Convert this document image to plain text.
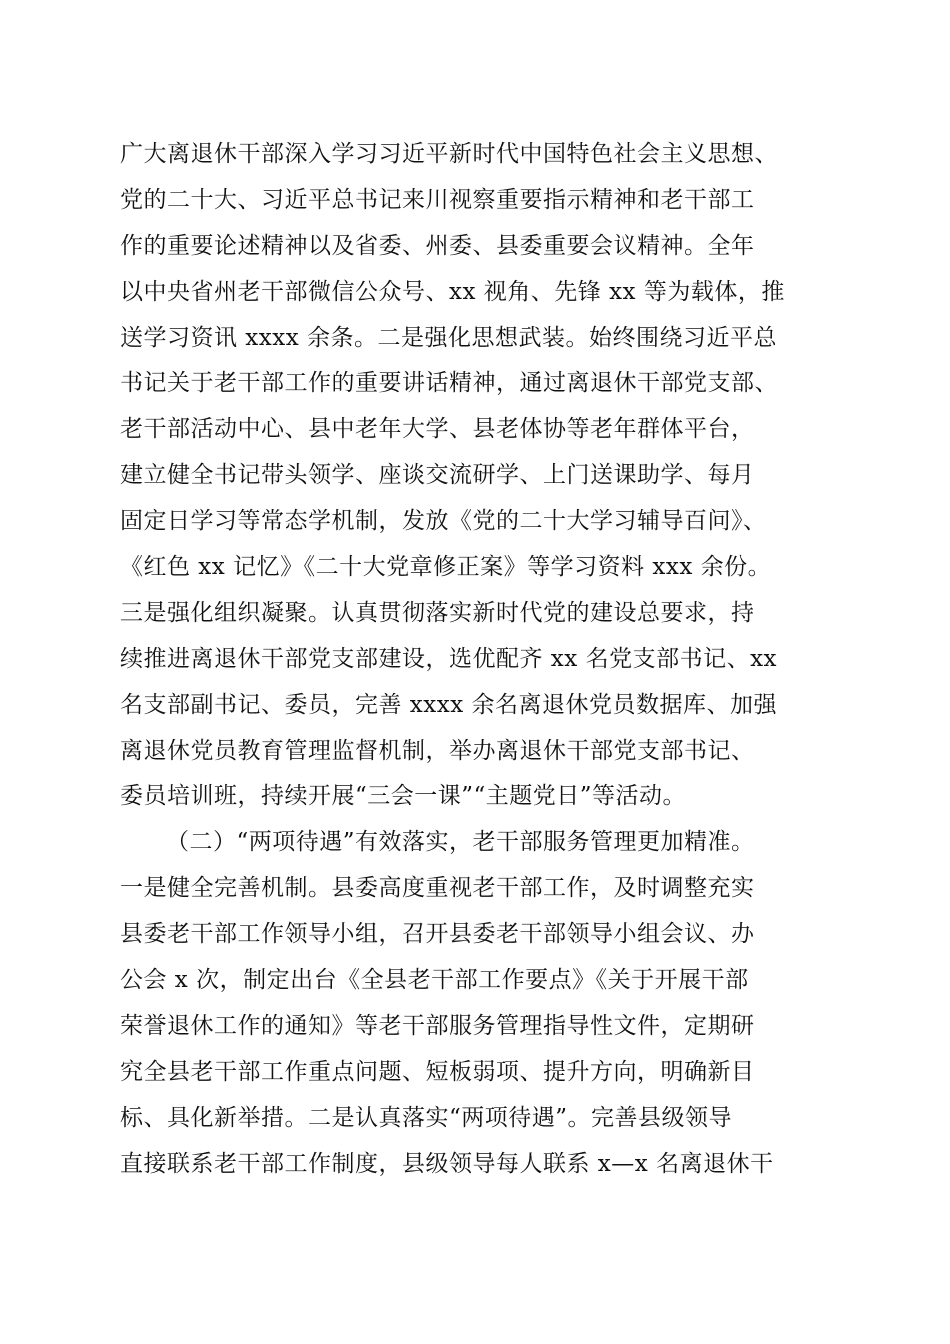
广大离退休干部深入学习习近平新时代中国特色社会主义思想、
党的二十大、习近平总书记来川视察重要指示精神和老干部工
作的重要论述精神以及省委、州委、县委重要会议精神。全年
以中央省州老干部微信公众号、xx 视角、先锋 xx 等为载体，推
送学习资讯 xxxx 余条。二是强化思想武装。始终围绕习近平总
书记关于老干部工作的重要讲话精神，通过离退休干部党支部、
老干部活动中心、县中老年大学、县老体协等老年群体平台，
建立健全书记带头领学、座谈交流研学、上门送课助学、每月
固定日学习等常态学机制，发放《党的二十大学习辅导百问》、
《红色 xx 记忆》《二十大党章修正案》等学习资料 xxx 余份。
三是强化组织凝聚。认真贯彻落实新时代党的建设总要求，持
续推进离退休干部党支部建设，选优配齐 xx 名党支部书记、xx
名支部副书记、委员，完善 xxxx 余名离退休党员数据库、加强
离退休党员教育管理监督机制，举办离退休干部党支部书记、
委员培训班，持续开展“三会一课”“主题党日”等活动。
（二）“两项待遇”有效落实，老干部服务管理更加精准。
一是健全完善机制。县委高度重视老干部工作，及时调整充实
县委老干部工作领导小组，召开县委老干部领导小组会议、办
公会 x 次，制定出台《全县老干部工作要点》《关于开展干部
荣誉退休工作的通知》等老干部服务管理指导性文件，定期研
究全县老干部工作重点问题、短板弱项、提升方向，明确新目
标、具化新举措。二是认真落实“两项待遇”。完善县级领导
直接联系老干部工作制度，县级领导每人联系 x—x 名离退休干
